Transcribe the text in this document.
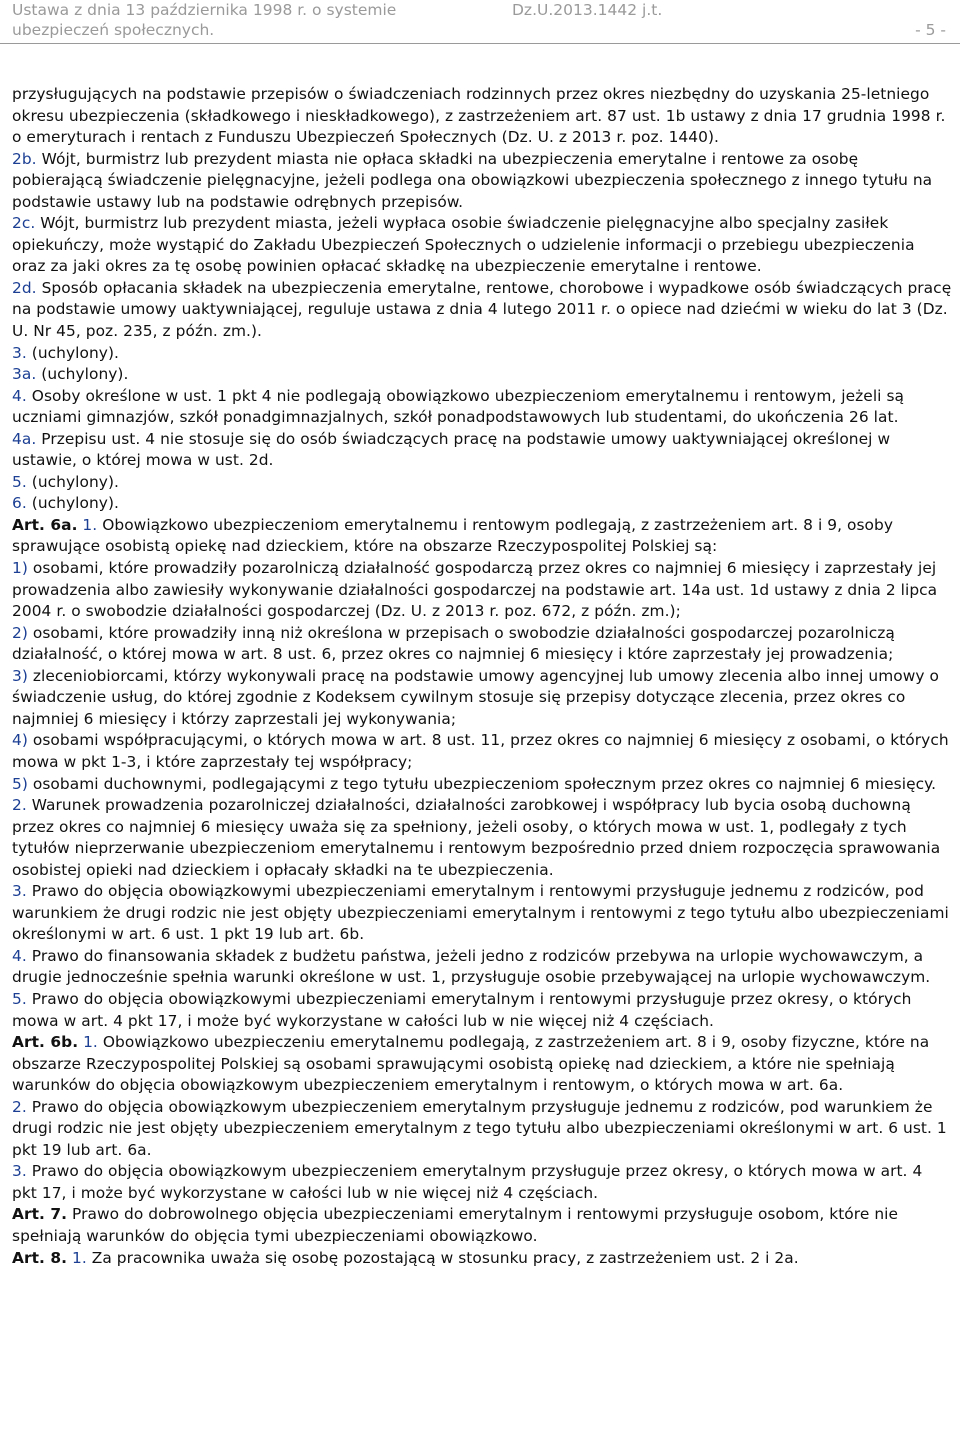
Ustawa z dnia 13 października 1998 r. o systemie
ubezpieczeń społecznych.
Dz.U.2013.1442 j.t.
- 5 -

przysługujących na podstawie przepisów o świadczeniach rodzinnych przez okres niezbędny do uzyskania 25-letniego okresu ubezpieczenia (składkowego i nieskładkowego), z zastrzeżeniem art. 87 ust. 1b ustawy z dnia 17 grudnia 1998 r. o emeryturach i rentach z Funduszu Ubezpieczeń Społecznych (Dz. U. z 2013 r. poz. 1440).

2b. Wójt, burmistrz lub prezydent miasta nie opłaca składki na ubezpieczenia emerytalne i rentowe za osobę pobierającą świadczenie pielęgnacyjne, jeżeli podlega ona obowiązkowi ubezpieczenia społecznego z innego tytułu na podstawie ustawy lub na podstawie odrębnych przepisów.

2c. Wójt, burmistrz lub prezydent miasta, jeżeli wypłaca osobie świadczenie pielęgnacyjne albo specjalny zasiłek opiekuńczy, może wystąpić do Zakładu Ubezpieczeń Społecznych o udzielenie informacji o przebiegu ubezpieczenia oraz za jaki okres za tę osobę powinien opłacać składkę na ubezpieczenie emerytalne i rentowe.

2d. Sposób opłacania składek na ubezpieczenia emerytalne, rentowe, chorobowe i wypadkowe osób świadczących pracę na podstawie umowy uaktywniającej, reguluje ustawa z dnia 4 lutego 2011 r. o opiece nad dziećmi w wieku do lat 3 (Dz. U. Nr 45, poz. 235, z późn. zm.).

3. (uchylony).

3a. (uchylony).

4. Osoby określone w ust. 1 pkt 4 nie podlegają obowiązkowo ubezpieczeniom emerytalnemu i rentowym, jeżeli są uczniami gimnazjów, szkół ponadgimnazjalnych, szkół ponadpodstawowych lub studentami, do ukończenia 26 lat.

4a. Przepisu ust. 4 nie stosuje się do osób świadczących pracę na podstawie umowy uaktywniającej określonej w ustawie, o której mowa w ust. 2d.

5. (uchylony).

6. (uchylony).

Art. 6a. 1. Obowiązkowo ubezpieczeniom emerytalnemu i rentowym podlegają, z zastrzeżeniem art. 8 i 9, osoby sprawujące osobistą opiekę nad dzieckiem, które na obszarze Rzeczypospolitej Polskiej są:

1) osobami, które prowadziły pozarolniczą działalność gospodarczą przez okres co najmniej 6 miesięcy i zaprzestały jej prowadzenia albo zawiesiły wykonywanie działalności gospodarczej na podstawie art. 14a ust. 1d ustawy z dnia 2 lipca 2004 r. o swobodzie działalności gospodarczej (Dz. U. z 2013 r. poz. 672, z późn. zm.);

2) osobami, które prowadziły inną niż określona w przepisach o swobodzie działalności gospodarczej pozarolniczą działalność, o której mowa w art. 8 ust. 6, przez okres co najmniej 6 miesięcy i które zaprzestały jej prowadzenia;

3) zleceniobiorcami, którzy wykonywali pracę na podstawie umowy agencyjnej lub umowy zlecenia albo innej umowy o świadczenie usług, do której zgodnie z Kodeksem cywilnym stosuje się przepisy dotyczące zlecenia, przez okres co najmniej 6 miesięcy i którzy zaprzestali jej wykonywania;

4) osobami współpracującymi, o których mowa w art. 8 ust. 11, przez okres co najmniej 6 miesięcy z osobami, o których mowa w pkt 1-3, i które zaprzestały tej współpracy;

5) osobami duchownymi, podlegającymi z tego tytułu ubezpieczeniom społecznym przez okres co najmniej 6 miesięcy.

2. Warunek prowadzenia pozarolniczej działalności, działalności zarobkowej i współpracy lub bycia osobą duchowną przez okres co najmniej 6 miesięcy uważa się za spełniony, jeżeli osoby, o których mowa w ust. 1, podlegały z tych tytułów nieprzerwanie ubezpieczeniom emerytalnemu i rentowym bezpośrednio przed dniem rozpoczęcia sprawowania osobistej opieki nad dzieckiem i opłacały składki na te ubezpieczenia.

3. Prawo do objęcia obowiązkowymi ubezpieczeniami emerytalnym i rentowymi przysługuje jednemu z rodziców, pod warunkiem że drugi rodzic nie jest objęty ubezpieczeniami emerytalnym i rentowymi z tego tytułu albo ubezpieczeniami określonymi w art. 6 ust. 1 pkt 19 lub art. 6b.

4. Prawo do finansowania składek z budżetu państwa, jeżeli jedno z rodziców przebywa na urlopie wychowawczym, a drugie jednocześnie spełnia warunki określone w ust. 1, przysługuje osobie przebywającej na urlopie wychowawczym.

5. Prawo do objęcia obowiązkowymi ubezpieczeniami emerytalnym i rentowymi przysługuje przez okresy, o których mowa w art. 4 pkt 17, i może być wykorzystane w całości lub w nie więcej niż 4 częściach.

Art. 6b. 1. Obowiązkowo ubezpieczeniu emerytalnemu podlegają, z zastrzeżeniem art. 8 i 9, osoby fizyczne, które na obszarze Rzeczypospolitej Polskiej są osobami sprawującymi osobistą opiekę nad dzieckiem, a które nie spełniają warunków do objęcia obowiązkowym ubezpieczeniem emerytalnym i rentowym, o których mowa w art. 6a.

2. Prawo do objęcia obowiązkowym ubezpieczeniem emerytalnym przysługuje jednemu z rodziców, pod warunkiem że drugi rodzic nie jest objęty ubezpieczeniem emerytalnym z tego tytułu albo ubezpieczeniami określonymi w art. 6 ust. 1 pkt 19 lub art. 6a.

3. Prawo do objęcia obowiązkowym ubezpieczeniem emerytalnym przysługuje przez okresy, o których mowa w art. 4 pkt 17, i może być wykorzystane w całości lub w nie więcej niż 4 częściach.

Art. 7. Prawo do dobrowolnego objęcia ubezpieczeniami emerytalnym i rentowymi przysługuje osobom, które nie spełniają warunków do objęcia tymi ubezpieczeniami obowiązkowo.

Art. 8. 1. Za pracownika uważa się osobę pozostającą w stosunku pracy, z zastrzeżeniem ust. 2 i 2a.
